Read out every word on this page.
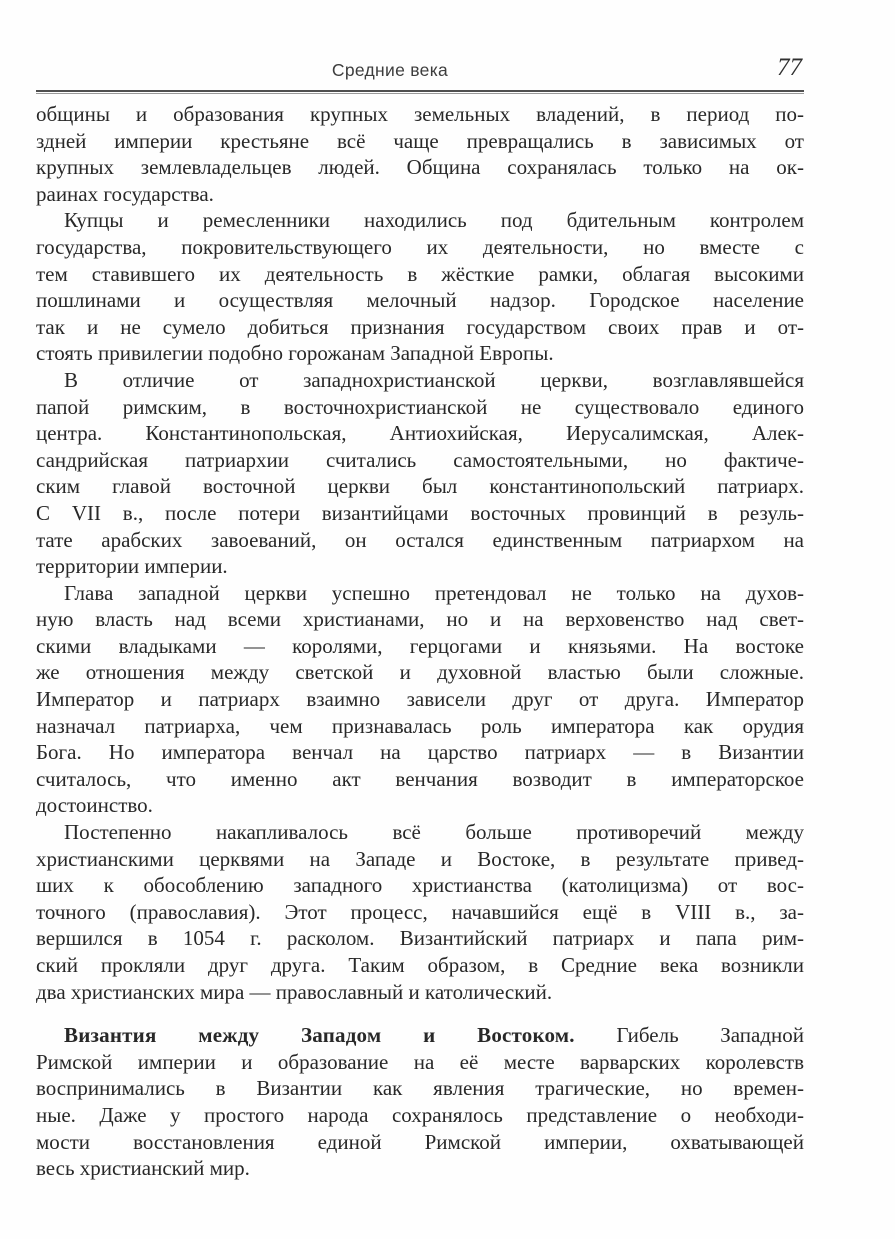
Средние века	77

общины и образования крупных земельных владений, в период по-
здней империи крестьяне всё чаще превращались в зависимых от
крупных землевладельцев людей. Община сохранялась только на ок-
раинах государства.

Купцы и ремесленники находились под бдительным контролем
государства, покровительствующего их деятельности, но вместе с
тем ставившего их деятельность в жёсткие рамки, облагая высокими
пошлинами и осуществляя мелочный надзор. Городское население
так и не сумело добиться признания государством своих прав и от-
стоять привилегии подобно горожанам Западной Европы.

В отличие от западнохристианской церкви, возглавлявшейся
папой римским, в восточнохристианской не существовало единого
центра. Константинопольская, Антиохийская, Иерусалимская, Алек-
сандрийская патриархии считались самостоятельными, но фактиче-
ским главой восточной церкви был константинопольский патриарх.
С VII в., после потери византийцами восточных провинций в резуль-
тате арабских завоеваний, он остался единственным патриархом на
территории империи.

Глава западной церкви успешно претендовал не только на духов-
ную власть над всеми христианами, но и на верховенство над свет-
скими владыками — королями, герцогами и князьями. На востоке
же отношения между светской и духовной властью были сложные.
Император и патриарх взаимно зависели друг от друга. Император
назначал патриарха, чем признавалась роль императора как орудия
Бога. Но императора венчал на царство патриарх — в Византии
считалось, что именно акт венчания возводит в императорское
достоинство.

Постепенно накапливалось всё больше противоречий между
христианскими церквями на Западе и Востоке, в результате привед-
ших к обособлению западного христианства (католицизма) от вос-
точного (православия). Этот процесс, начавшийся ещё в VIII в., за-
вершился в 1054 г. расколом. Византийский патриарх и папа рим-
ский прокляли друг друга. Таким образом, в Средние века возникли
два христианских мира — православный и католический.

Византия между Западом и Востоком. Гибель Западной
Римской империи и образование на её месте варварских королевств
воспринимались в Византии как явления трагические, но времен-
ные. Даже у простого народа сохранялось представление о необходи-
мости восстановления единой Римской империи, охватывающей
весь христианский мир.
